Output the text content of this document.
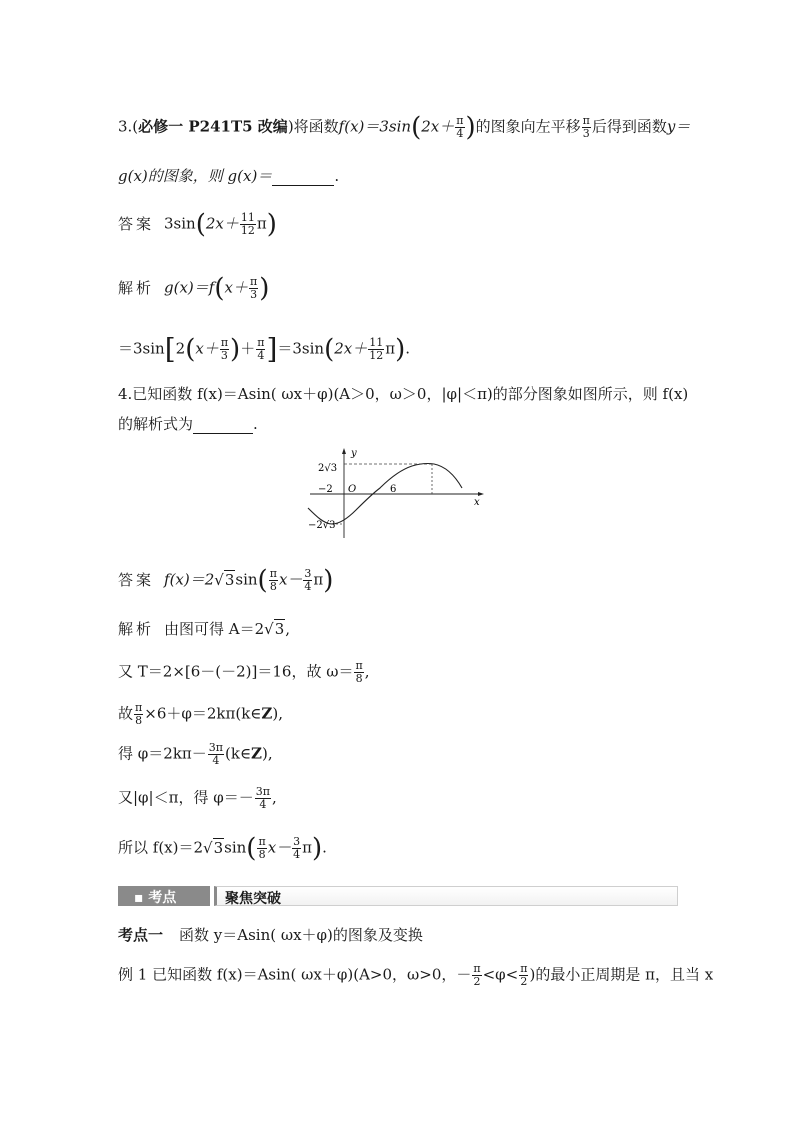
3.(必修一 P241T5 改编)将函数$f(x)=3\sin(2x+ \frac{\pi}{4}$ )的图象向左平移 $\frac{\pi}{3}$ 后得到函数y＝
g(x)的图象，则 g(x)＝	.
答案 $3\sin(2x+ \frac{11}{12} \pi)$
解析 $g(x)=f(x+ \frac{\pi}{3}$ )
$=3\sin[2(x+ \frac{\pi}{3}$ )＋ $\frac{\pi}{4} ]=3\sin(2x+ \frac{11}{12} \pi)$.
4.已知函数 f(x)＝Asin( ωx＋φ)(A＞0，ω＞0，|φ|＜π)的部分图象如图所示，则 f(x)
的解析式为	.
y
x
O
2√3
−2√3
−2	6
答案 $f(x)=2√3\sin( \frac{\pi}{8} x- \frac{3}{4} \pi)$
解析 由图可得 A＝2√3,
又 T＝2×[6－(－2)]＝16，故 $\omega= \frac{\pi}{8}$ ,
故 $\frac{\pi}{8}$ ×6＋φ＝2kπ(k∈Z),
得 $\varphi=2k\pi- \frac{3\pi}{4}$ (k∈Z),
又|φ|＜π，得 $\varphi=- \frac{3\pi}{4}$ ,
所以 $f(x)=2√3\sin( \frac{\pi}{8} x- \frac{3}{4} \pi)$.
▪ 考点	聚焦突破
考点一 函数 y＝Asin( ωx＋φ)的图象及变换
例 1 已知函数 f(x)＝Asin( ωx＋φ)(A>0，ω>0，－ $\frac{\pi}{2} <\varphi< \frac{\pi}{2}$ )的最小正周期是 π，且当 x
